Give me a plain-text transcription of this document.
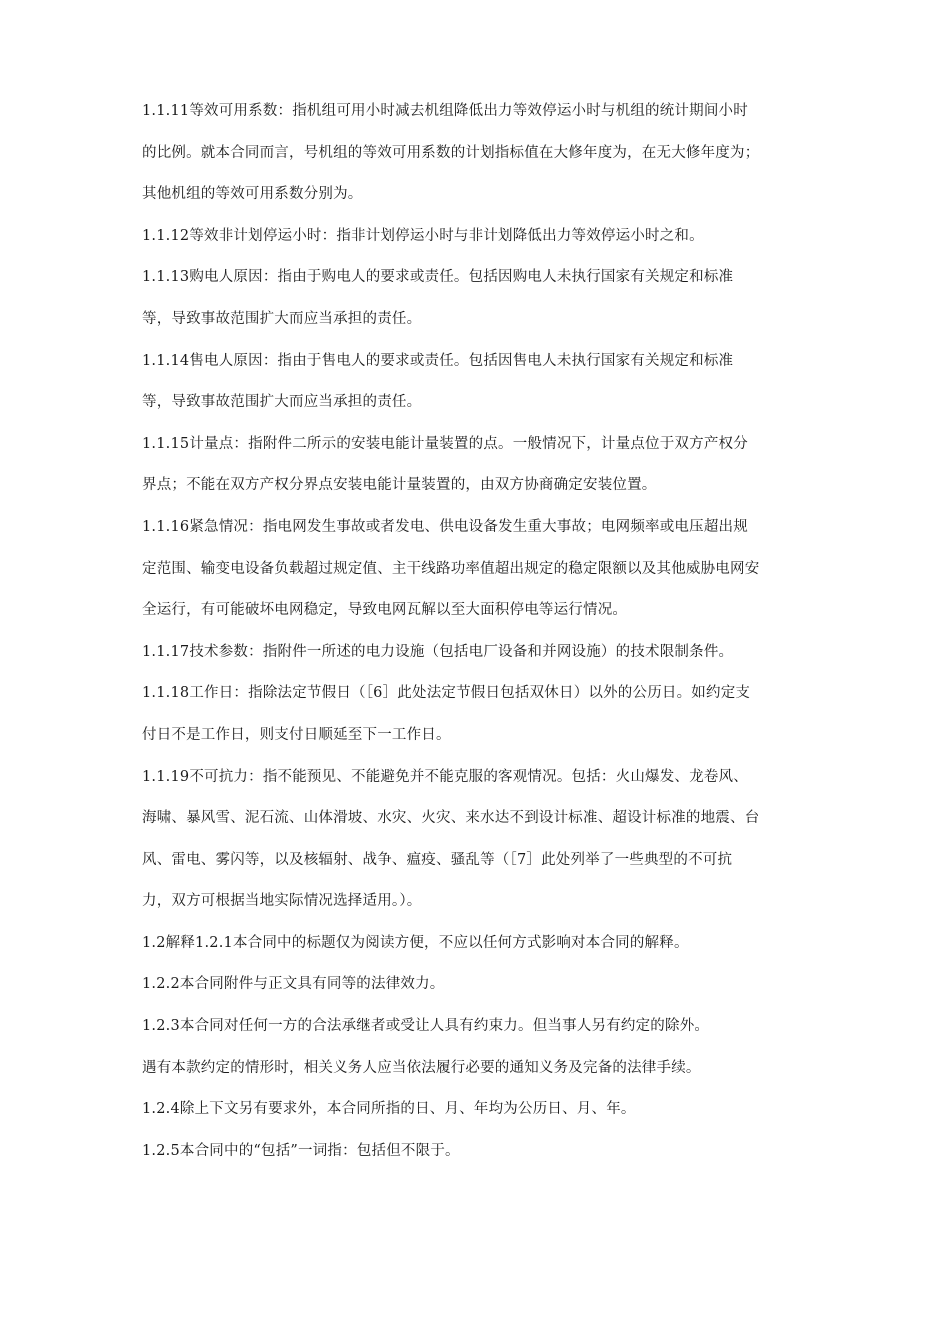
1.1.11等效可用系数：指机组可用小时减去机组降低出力等效停运小时与机组的统计期间小时
的比例。就本合同而言，号机组的等效可用系数的计划指标值在大修年度为，在无大修年度为；
其他机组的等效可用系数分别为。
1.1.12等效非计划停运小时：指非计划停运小时与非计划降低出力等效停运小时之和。
1.1.13购电人原因：指由于购电人的要求或责任。包括因购电人未执行国家有关规定和标准
等，导致事故范围扩大而应当承担的责任。
1.1.14售电人原因：指由于售电人的要求或责任。包括因售电人未执行国家有关规定和标准
等，导致事故范围扩大而应当承担的责任。
1.1.15计量点：指附件二所示的安装电能计量装置的点。一般情况下，计量点位于双方产权分
界点；不能在双方产权分界点安装电能计量装置的，由双方协商确定安装位置。
1.1.16紧急情况：指电网发生事故或者发电、供电设备发生重大事故；电网频率或电压超出规
定范围、输变电设备负载超过规定值、主干线路功率值超出规定的稳定限额以及其他威胁电网安
全运行，有可能破坏电网稳定，导致电网瓦解以至大面积停电等运行情况。
1.1.17技术参数：指附件一所述的电力设施（包括电厂设备和并网设施）的技术限制条件。
1.1.18工作日：指除法定节假日（［6］此处法定节假日包括双休日）以外的公历日。如约定支
付日不是工作日，则支付日顺延至下一工作日。
1.1.19不可抗力：指不能预见、不能避免并不能克服的客观情况。包括：火山爆发、龙卷风、
海啸、暴风雪、泥石流、山体滑坡、水灾、火灾、来水达不到设计标准、超设计标准的地震、台
风、雷电、雾闪等，以及核辐射、战争、瘟疫、骚乱等（［7］此处列举了一些典型的不可抗
力，双方可根据当地实际情况选择适用。）。
1.2解释1.2.1本合同中的标题仅为阅读方便，不应以任何方式影响对本合同的解释。
1.2.2本合同附件与正文具有同等的法律效力。
1.2.3本合同对任何一方的合法承继者或受让人具有约束力。但当事人另有约定的除外。
遇有本款约定的情形时，相关义务人应当依法履行必要的通知义务及完备的法律手续。
1.2.4除上下文另有要求外，本合同所指的日、月、年均为公历日、月、年。
1.2.5本合同中的“包括”一词指：包括但不限于。
